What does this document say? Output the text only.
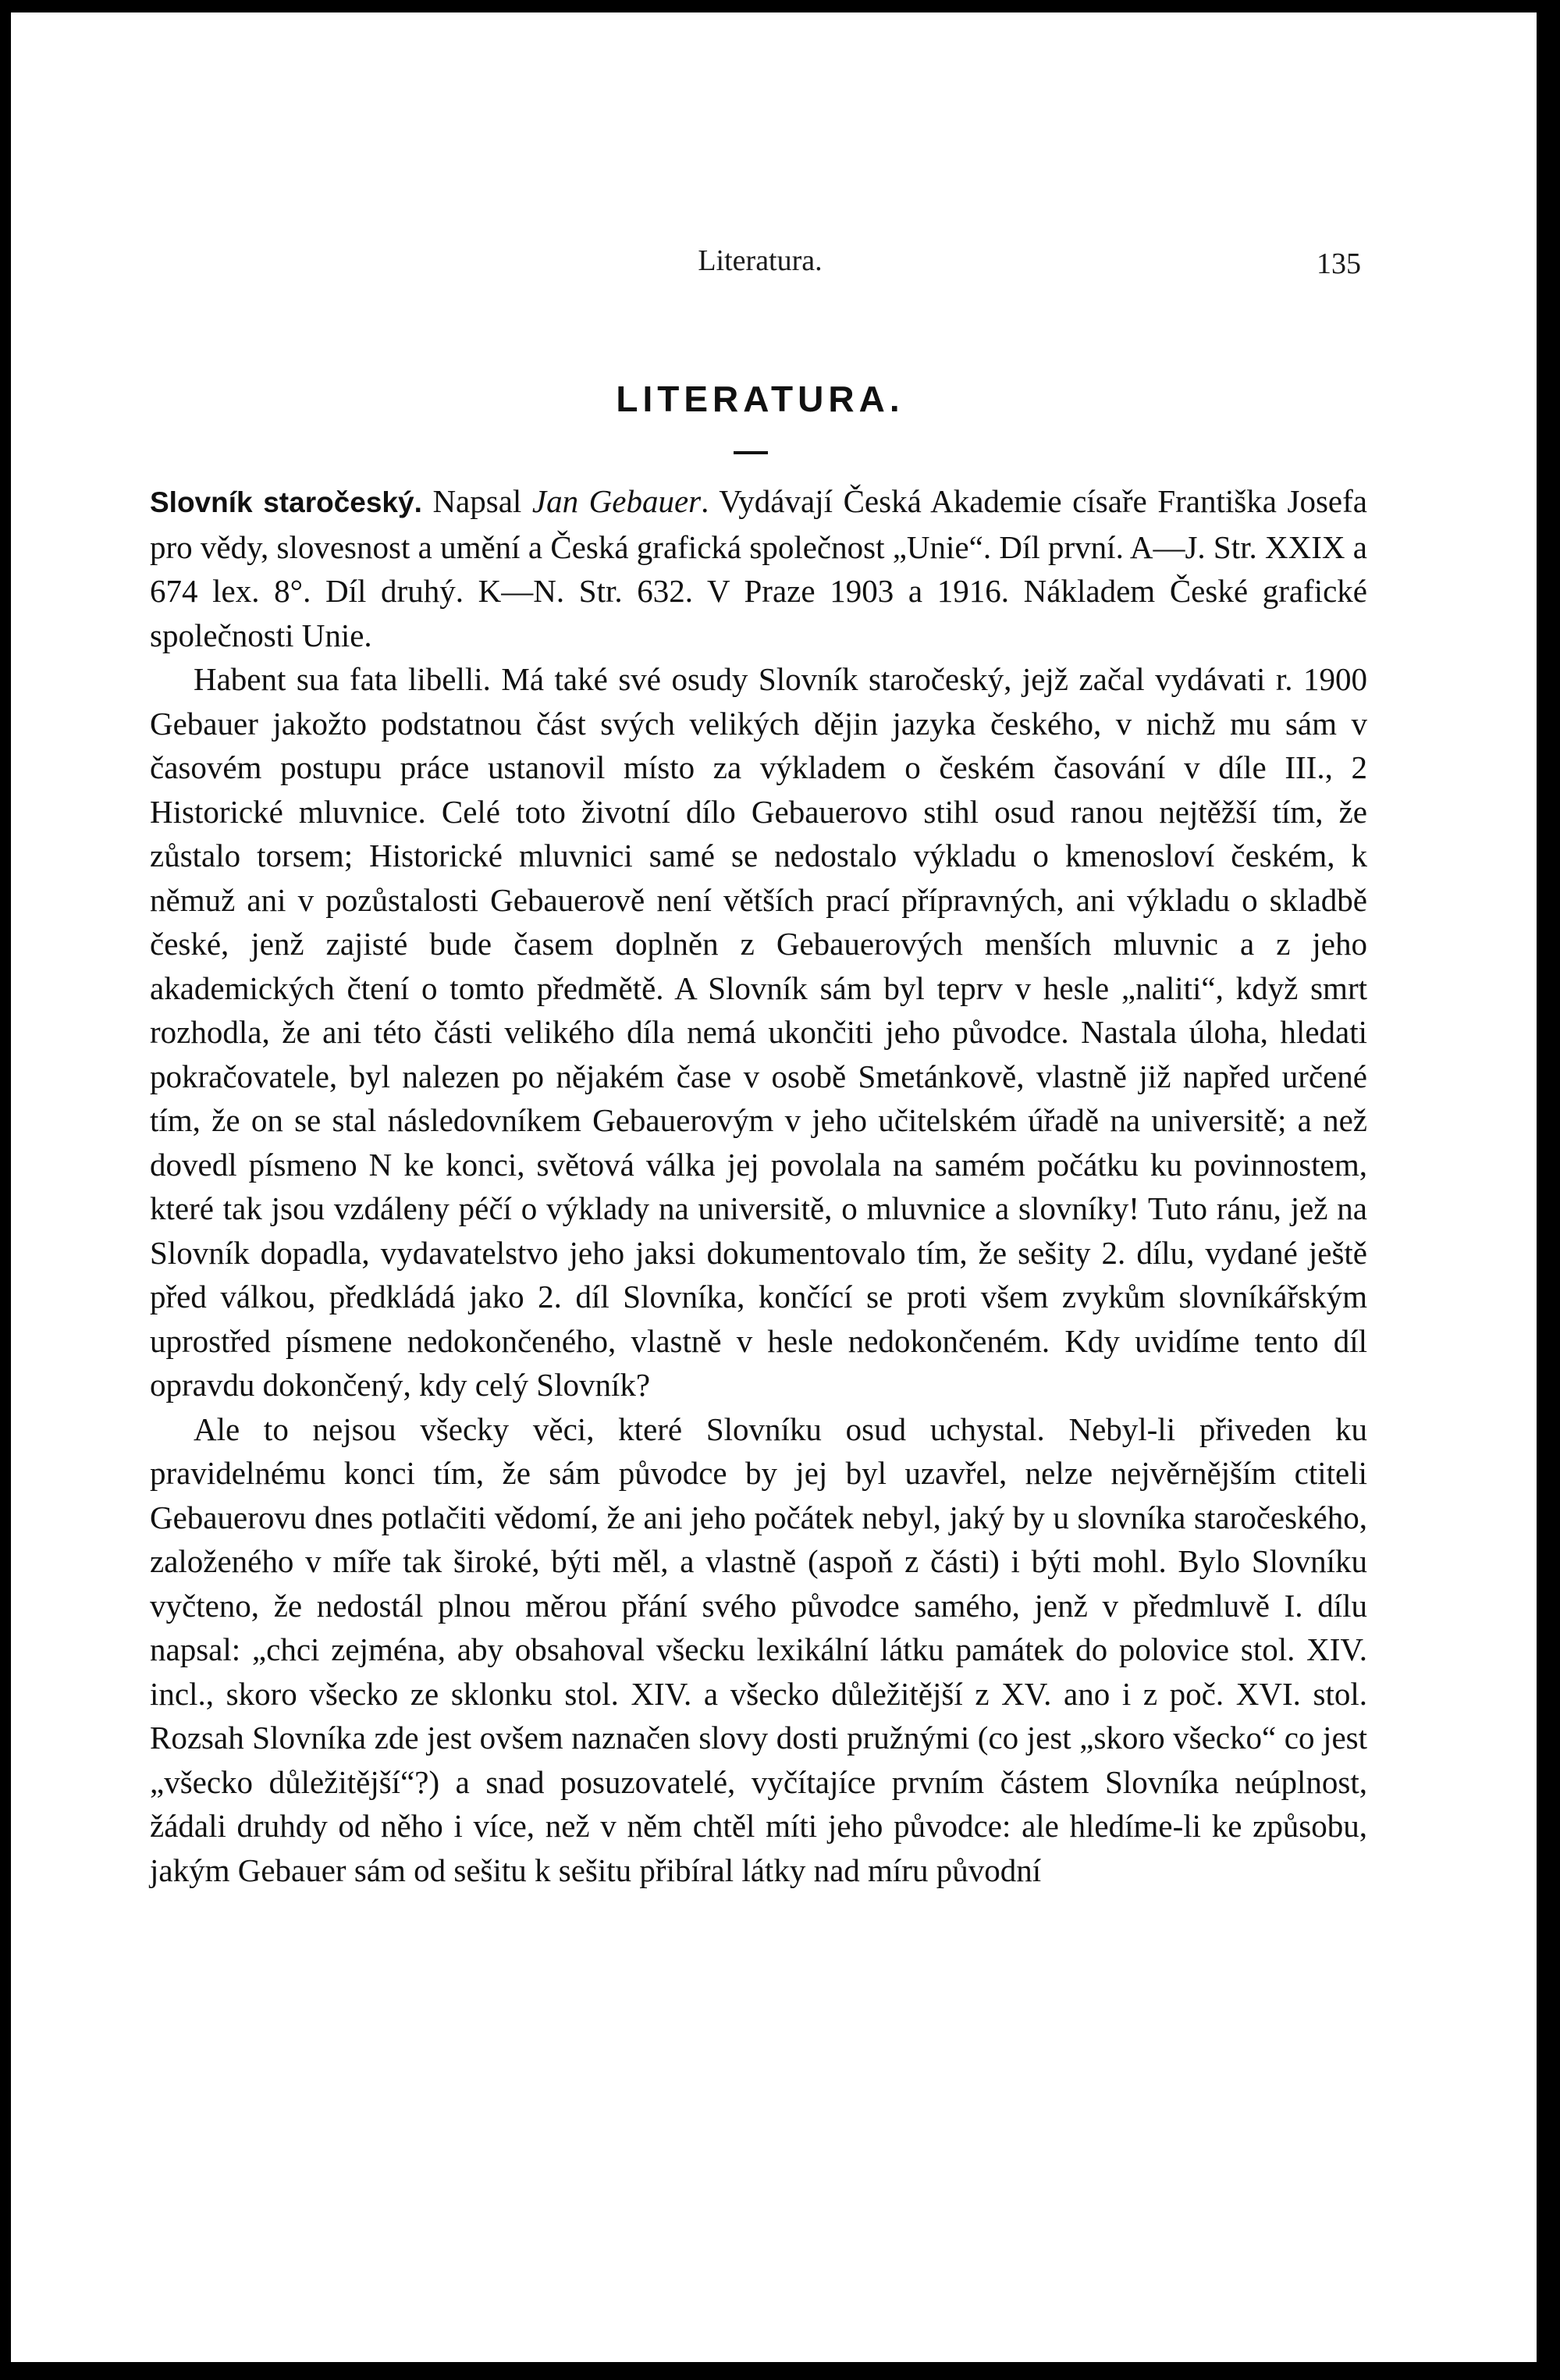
Literatura.	135
LITERATURA.

Slovník staročeský. Napsal Jan Gebauer. Vydávají Česká Akademie císaře Františka Josefa pro vědy, slovesnost a umění a Česká grafická společnost „Unie“. Díl první. A—J. Str. XXIX a 674 lex. 8°. Díl druhý. K—N. Str. 632. V Praze 1903 a 1916. Nákladem České grafické společnosti Unie.

Habent sua fata libelli. Má také své osudy Slovník staročeský, jejž začal vydávati r. 1900 Gebauer jakožto podstatnou část svých velikých dějin jazyka českého, v nichž mu sám v časovém postupu práce ustanovil místo za výkladem o českém časování v díle III., 2 Historické mluvnice. Celé toto životní dílo Gebauerovo stihl osud ranou nejtěžší tím, že zůstalo torsem; Historické mluvnici samé se nedostalo výkladu o kmenosloví českém, k němuž ani v pozůstalosti Gebauerově není větších prací přípravných, ani výkladu o skladbě české, jenž zajisté bude časem doplněn z Gebauerových menších mluvnic a z jeho akademických čtení o tomto předmětě. A Slovník sám byl teprv v hesle „naliti“, když smrt rozhodla, že ani této části velikého díla nemá ukončiti jeho původce. Nastala úloha, hledati pokračovatele, byl nalezen po nějakém čase v osobě Smetánkově, vlastně již napřed určené tím, že on se stal následovníkem Gebauerovým v jeho učitelském úřadě na universitě; a než dovedl písmeno N ke konci, světová válka jej povolala na samém počátku ku povinnostem, které tak jsou vzdáleny péčí o výklady na universitě, o mluvnice a slovníky! Tuto ránu, jež na Slovník dopadla, vydavatelstvo jeho jaksi dokumentovalo tím, že sešity 2. dílu, vydané ještě před válkou, předkládá jako 2. díl Slovníka, končící se proti všem zvykům slovníkářským uprostřed písmene nedokončeného, vlastně v hesle nedokončeném. Kdy uvidíme tento díl opravdu dokončený, kdy celý Slovník?

Ale to nejsou všecky věci, které Slovníku osud uchystal. Nebyl-li přiveden ku pravidelnému konci tím, že sám původce by jej byl uzavřel, nelze nejvěrnějším ctiteli Gebauerovu dnes potlačiti vědomí, že ani jeho počátek nebyl, jaký by u slovníka staročeského, založeného v míře tak široké, býti měl, a vlastně (aspoň z části) i býti mohl. Bylo Slovníku vyčteno, že nedostál plnou měrou přání svého původce samého, jenž v předmluvě I. dílu napsal: „chci zejména, aby obsahoval všecku lexikální látku památek do polovice stol. XIV. incl., skoro všecko ze sklonku stol. XIV. a všecko důležitější z XV. ano i z poč. XVI. stol. Rozsah Slovníka zde jest ovšem naznačen slovy dosti pružnými (co jest „skoro všecko“ co jest „všecko důležitější“?) a snad posuzovatelé, vyčítajíce prvním částem Slovníka neúplnost, žádali druhdy od něho i více, než v něm chtěl míti jeho původce: ale hledíme-li ke způsobu, jakým Gebauer sám od sešitu k sešitu přibíral látky nad míru původní
